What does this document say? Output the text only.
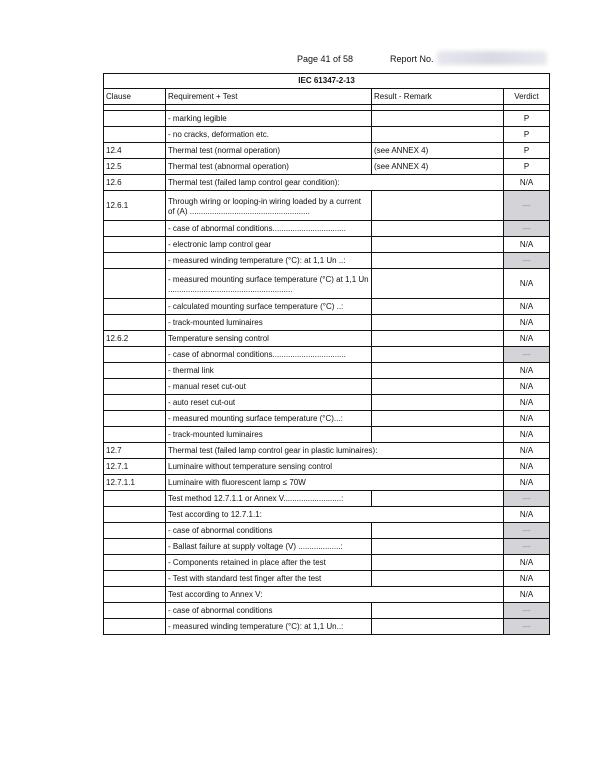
Page 41 of 58	Report No.
IEC 61347-2-13			
Clause	Requirement + Test	Result - Remark	Verdict

	- marking legible		P
	- no cracks, deformation etc.		P
12.4	Thermal test (normal operation)	(see ANNEX 4)	P
12.5	Thermal test (abnormal operation)	(see ANNEX 4)	P
12.6	Thermal test (failed lamp control gear condition):		N/A
12.6.1	Through wiring or looping-in wiring loaded by a current of (A) ......................................................		—
	- case of abnormal conditions.................................		—
	- electronic lamp control gear		N/A
	- measured winding temperature (°C): at 1,1 Un ..:		—
	- measured mounting surface temperature (°C) at 1,1 Un ........................................................		N/A
	- calculated mounting surface temperature (°C) ..:		N/A
	- track-mounted luminaires		N/A
12.6.2	Temperature sensing control		N/A
	- case of abnormal conditions.................................		—
	- thermal link		N/A
	- manual reset cut-out		N/A
	- auto reset cut-out		N/A
	- measured mounting surface temperature (°C)...:		N/A
	- track-mounted luminaires		N/A
12.7	Thermal test (failed lamp control gear in plastic luminaires):		N/A
12.7.1	Luminaire without temperature sensing control		N/A
12.7.1.1	Luminaire with fluorescent lamp ≤ 70W		N/A
	Test method 12.7.1.1 or Annex V..........................:		—
	Test according to 12.7.1.1:		N/A
	- case of abnormal conditions		—
	- Ballast failure at supply voltage (V) ...................:		—
	- Components retained in place after the test		N/A
	- Test with standard test finger after the test		N/A
	Test according to Annex V:		N/A
	- case of abnormal conditions		—
	- measured winding temperature (°C): at 1,1 Un..:		—
